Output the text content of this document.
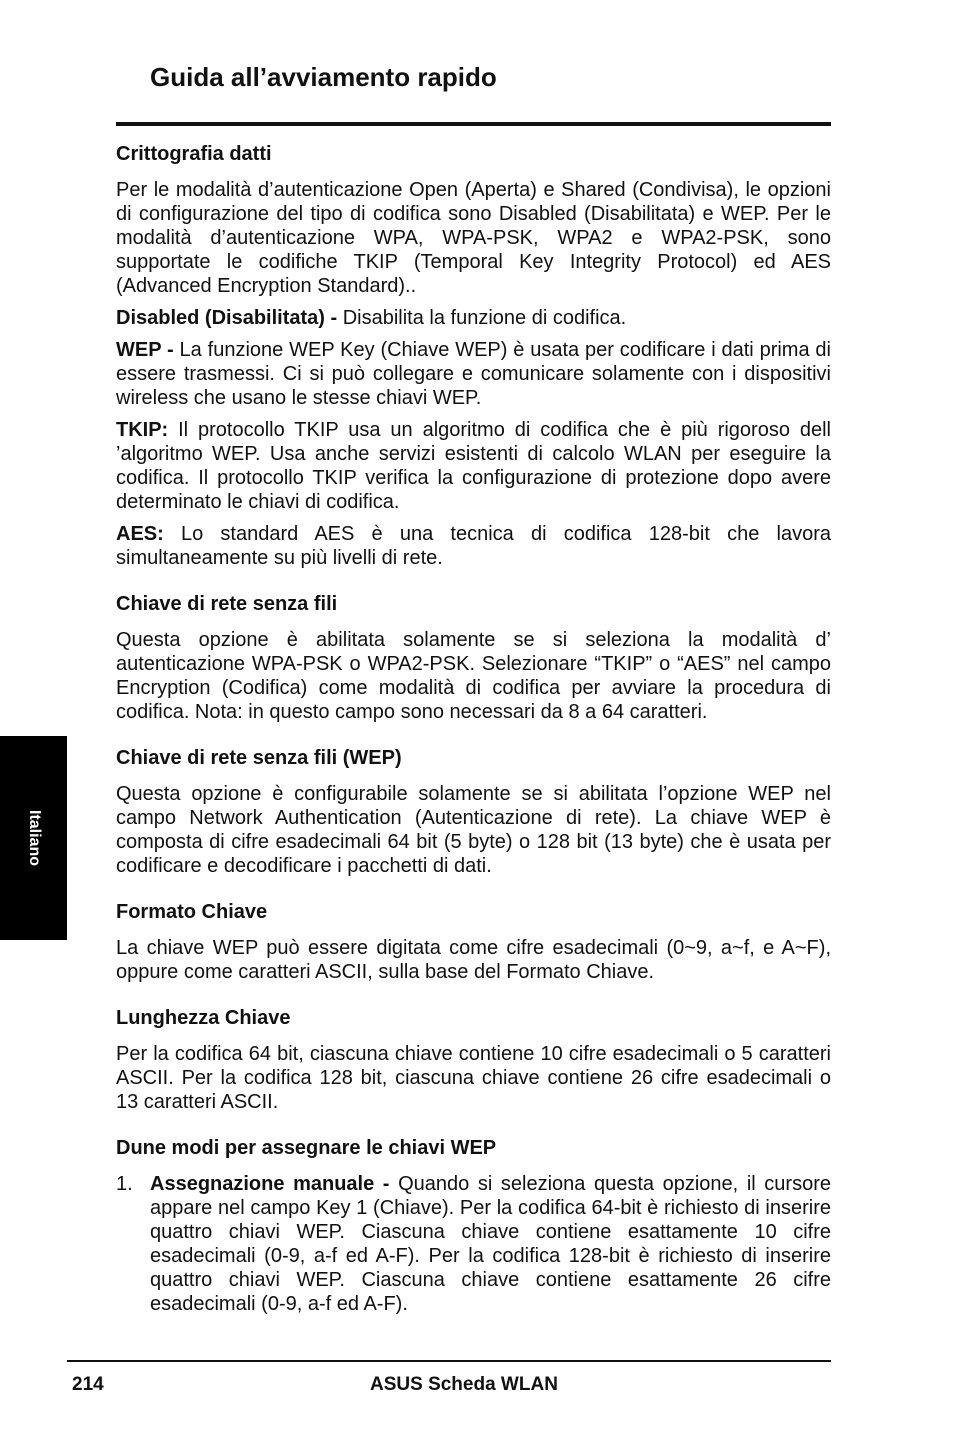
Guida all’avviamento rapido
Italiano
Crittografia datti

Per le modalità d’autenticazione Open (Aperta) e Shared (Condivisa), le opzioni di configurazione del tipo di codifica sono Disabled (Disabilitata) e WEP. Per le modalità d’autenticazione WPA, WPA-PSK, WPA2 e WPA2-PSK, sono supportate le codifiche TKIP (Temporal Key Integrity Protocol) ed AES (Advanced Encryption Standard)..

Disabled (Disabilitata) - Disabilita la funzione di codifica.

WEP - La funzione WEP Key (Chiave WEP) è usata per codificare i dati prima di essere trasmessi. Ci si può collegare e comunicare solamente con i dispositivi wireless che usano le stesse chiavi WEP.

TKIP: Il protocollo TKIP usa un algoritmo di codifica che è più rigoroso dell ’algoritmo WEP. Usa anche servizi esistenti di calcolo WLAN per eseguire la codifica. Il protocollo TKIP verifica la configurazione di protezione dopo avere determinato le chiavi di codifica.

AES: Lo standard AES è una tecnica di codifica 128-bit che lavora simultaneamente su più livelli di rete.

Chiave di rete senza fili

Questa opzione è abilitata solamente se si seleziona la modalità d’ autenticazione WPA-PSK o WPA2-PSK. Selezionare “TKIP” o “AES” nel campo Encryption (Codifica) come modalità di codifica per avviare la procedura di codifica. Nota: in questo campo sono necessari da 8 a 64 caratteri.

Chiave di rete senza fili (WEP)

Questa opzione è configurabile solamente se si abilitata l’opzione WEP nel campo Network Authentication (Autenticazione di rete). La chiave WEP è composta di cifre esadecimali 64 bit (5 byte) o 128 bit (13 byte) che è usata per codificare e decodificare i pacchetti di dati.

Formato Chiave

La chiave WEP può essere digitata come cifre esadecimali (0~9, a~f, e A~F), oppure come caratteri ASCII, sulla base del Formato Chiave.

Lunghezza Chiave

Per la codifica 64 bit, ciascuna chiave contiene 10 cifre esadecimali o 5 caratteri ASCII. Per la codifica 128 bit, ciascuna chiave contiene 26 cifre esadecimali o 13 caratteri ASCII.

Dune modi per assegnare le chiavi WEP
1. Assegnazione manuale - Quando si seleziona questa opzione, il cursore appare nel campo Key 1 (Chiave). Per la codifica 64-bit è richiesto di inserire quattro chiavi WEP. Ciascuna chiave contiene esattamente 10 cifre esadecimali (0-9, a-f ed A-F). Per la codifica 128-bit è richiesto di inserire quattro chiavi WEP. Ciascuna chiave contiene esattamente 26 cifre esadecimali (0-9, a-f ed A-F).
214	ASUS Scheda WLAN
